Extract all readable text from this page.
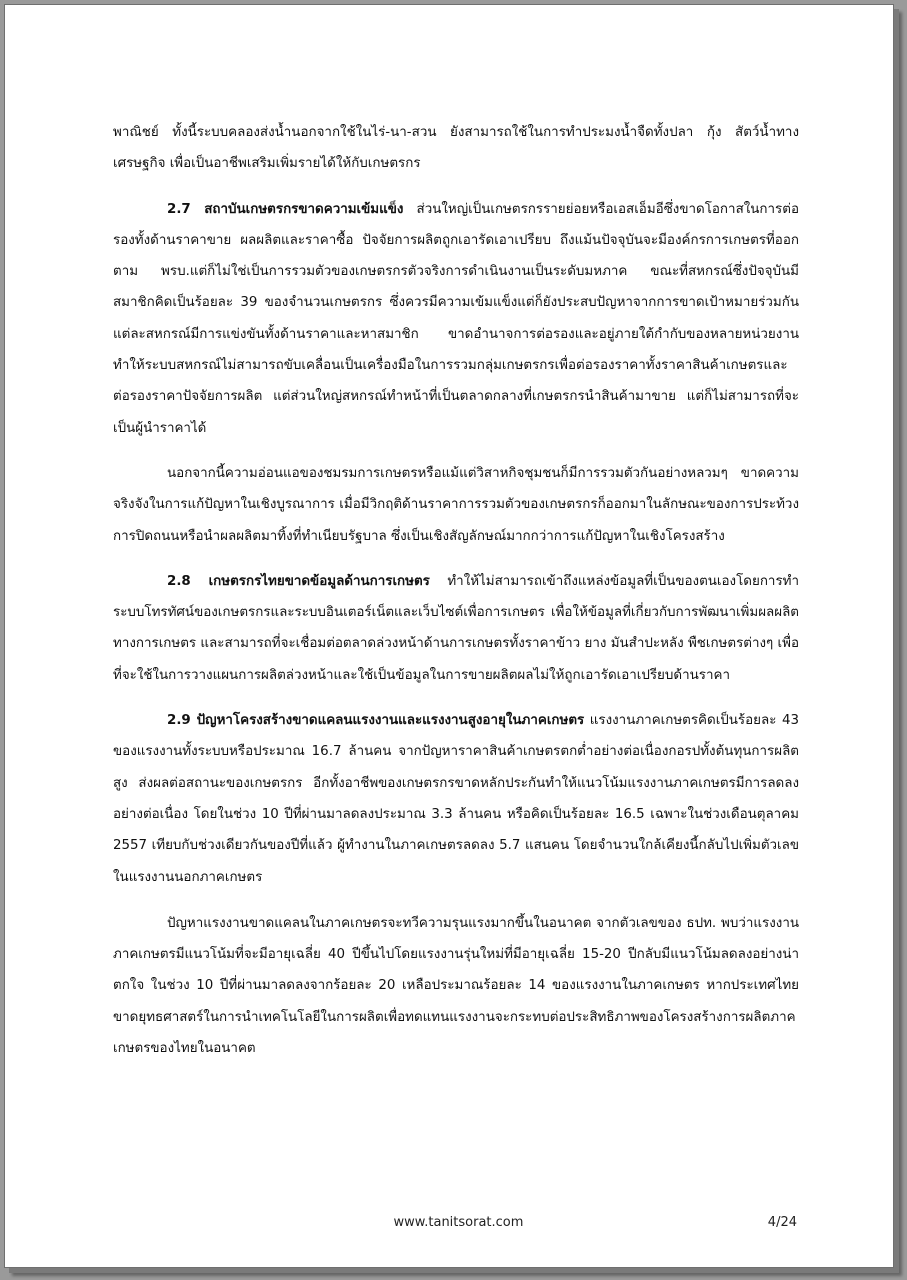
พาณิชย์ ทั้งนี้ระบบคลองส่งน้ำนอกจากใช้ในไร่-นา-สวน ยังสามารถใช้ในการทำประมงน้ำจืดทั้งปลา กุ้ง สัตว์น้ำทางเศรษฐกิจ เพื่อเป็นอาชีพเสริมเพิ่มรายได้ให้กับเกษตรกร

2.7 สถาบันเกษตรกรขาดความเข้มแข็ง ส่วนใหญ่เป็นเกษตรกรรายย่อยหรือเอสเอ็มอีซึ่งขาดโอกาสในการต่อรองทั้งด้านราคาขาย ผลผลิตและราคาซื้อ ปัจจัยการผลิตถูกเอารัดเอาเปรียบ ถึงแม้นปัจจุบันจะมีองค์กรการเกษตรที่ออกตาม พรบ.แต่ก็ไม่ใช่เป็นการรวมตัวของเกษตรกรตัวจริงการดำเนินงานเป็นระดับมหภาค ขณะที่สหกรณ์ซึ่งปัจจุบันมีสมาชิกคิดเป็นร้อยละ 39 ของจำนวนเกษตรกร ซึ่งควรมีความเข้มแข็งแต่ก็ยังประสบปัญหาจากการขาดเป้าหมายร่วมกันแต่ละสหกรณ์มีการแข่งขันทั้งด้านราคาและหาสมาชิก ขาดอำนาจการต่อรองและอยู่ภายใต้กำกับของหลายหน่วยงาน ทำให้ระบบสหกรณ์ไม่สามารถขับเคลื่อนเป็นเครื่องมือในการรวมกลุ่มเกษตรกรเพื่อต่อรองราคาทั้งราคาสินค้าเกษตรและต่อรองราคาปัจจัยการผลิต แต่ส่วนใหญ่สหกรณ์ทำหน้าที่เป็นตลาดกลางที่เกษตรกรนำสินค้ามาขาย แต่ก็ไม่สามารถที่จะเป็นผู้นำราคาได้

นอกจากนี้ความอ่อนแอของชมรมการเกษตรหรือแม้แต่วิสาหกิจชุมชนก็มีการรวมตัวกันอย่างหลวมๆ ขาดความจริงจังในการแก้ปัญหาในเชิงบูรณาการ เมื่อมีวิกฤติด้านราคาการรวมตัวของเกษตรกรก็ออกมาในลักษณะของการประท้วง การปิดถนนหรือนำผลผลิตมาทิ้งที่ทำเนียบรัฐบาล ซึ่งเป็นเชิงสัญลักษณ์มากกว่าการแก้ปัญหาในเชิงโครงสร้าง

2.8 เกษตรกรไทยขาดข้อมูลด้านการเกษตร ทำให้ไม่สามารถเข้าถึงแหล่งข้อมูลที่เป็นของตนเองโดยการทำระบบโทรทัศน์ของเกษตรกรและระบบอินเตอร์เน็ตและเว็บไซต์เพื่อการเกษตร เพื่อให้ข้อมูลที่เกี่ยวกับการพัฒนาเพิ่มผลผลิตทางการเกษตร และสามารถที่จะเชื่อมต่อตลาดล่วงหน้าด้านการเกษตรทั้งราคาข้าว ยาง มันสำปะหลัง พืชเกษตรต่างๆ เพื่อที่จะใช้ในการวางแผนการผลิตล่วงหน้าและใช้เป็นข้อมูลในการขายผลิตผลไม่ให้ถูกเอารัดเอาเปรียบด้านราคา

2.9 ปัญหาโครงสร้างขาดแคลนแรงงานและแรงงานสูงอายุในภาคเกษตร แรงงานภาคเกษตรคิดเป็นร้อยละ 43 ของแรงงานทั้งระบบหรือประมาณ 16.7 ล้านคน จากปัญหาราคาสินค้าเกษตรตกต่ำอย่างต่อเนื่องกอรปทั้งต้นทุนการผลิตสูง ส่งผลต่อสถานะของเกษตรกร อีกทั้งอาชีพของเกษตรกรขาดหลักประกันทำให้แนวโน้มแรงงานภาคเกษตรมีการลดลงอย่างต่อเนื่อง โดยในช่วง 10 ปีที่ผ่านมาลดลงประมาณ 3.3 ล้านคน หรือคิดเป็นร้อยละ 16.5 เฉพาะในช่วงเดือนตุลาคม 2557 เทียบกับช่วงเดียวกันของปีที่แล้ว ผู้ทำงานในภาคเกษตรลดลง 5.7 แสนคน โดยจำนวนใกล้เคียงนี้กลับไปเพิ่มตัวเลขในแรงงานนอกภาคเกษตร

ปัญหาแรงงานขาดแคลนในภาคเกษตรจะทวีความรุนแรงมากขึ้นในอนาคต จากตัวเลขของ ธปท. พบว่าแรงงานภาคเกษตรมีแนวโน้มที่จะมีอายุเฉลี่ย 40 ปีขึ้นไปโดยแรงงานรุ่นใหม่ที่มีอายุเฉลี่ย 15-20 ปีกลับมีแนวโน้มลดลงอย่างน่าตกใจ ในช่วง 10 ปีที่ผ่านมาลดลงจากร้อยละ 20 เหลือประมาณร้อยละ 14 ของแรงงานในภาคเกษตร หากประเทศไทยขาดยุทธศาสตร์ในการนำเทคโนโลยีในการผลิตเพื่อทดแทนแรงงานจะกระทบต่อประสิทธิภาพของโครงสร้างการผลิตภาคเกษตรของไทยในอนาคต

www.tanitsorat.com	4/24
